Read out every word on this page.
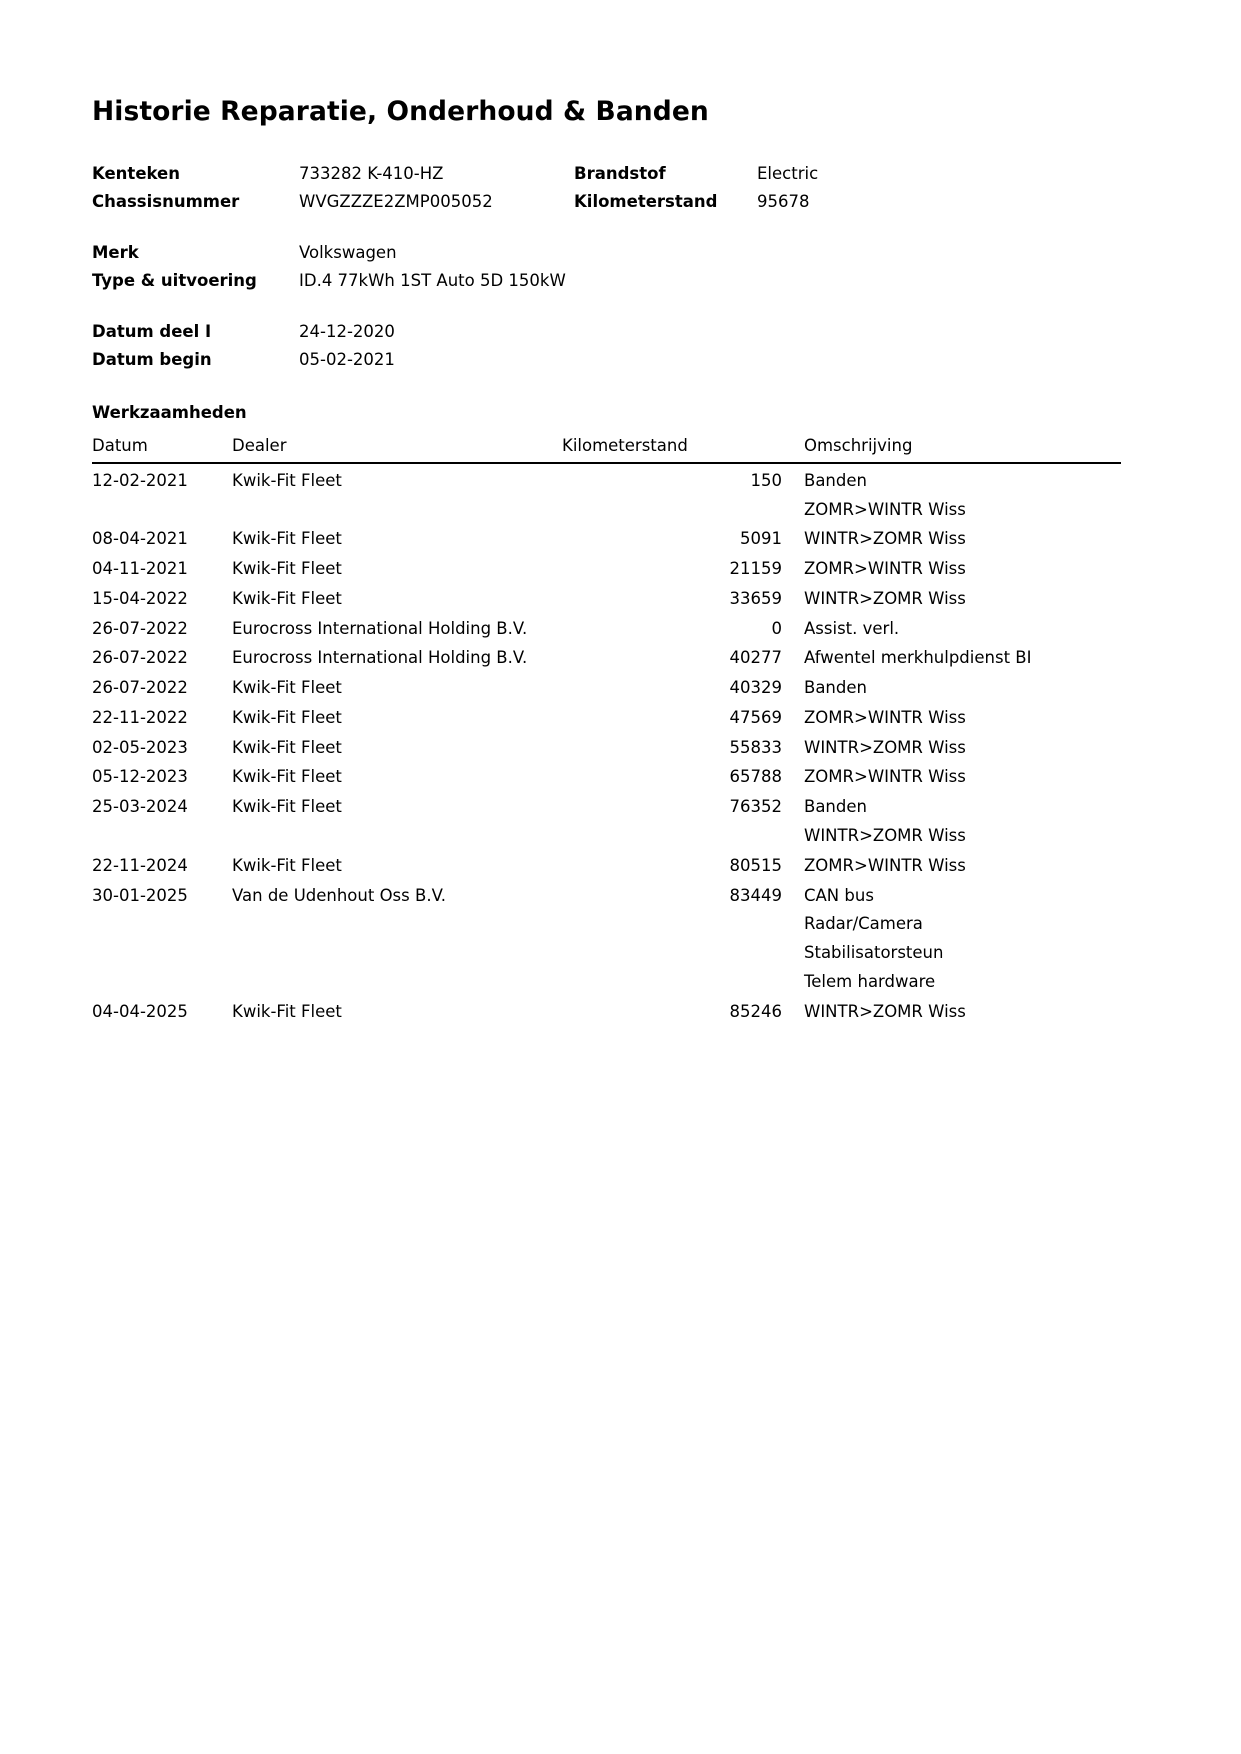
Historie Reparatie, Onderhoud & Banden
Kenteken	733282 K-410-HZ	Brandstof	Electric
Chassisnummer	WVGZZZE2ZMP005052	Kilometerstand	95678
Merk	Volkswagen
Type & uitvoering	ID.4 77kWh 1ST Auto 5D 150kW
Datum deel I	24-12-2020
Datum begin	05-02-2021
Werkzaamheden
Datum	Dealer	Kilometerstand	Omschrijving
12-02-2021	Kwik-Fit Fleet	150	Banden
ZOMR>WINTR Wiss

08-04-2021	Kwik-Fit Fleet	5091	WINTR>ZOMR Wiss

04-11-2021	Kwik-Fit Fleet	21159	ZOMR>WINTR Wiss

15-04-2022	Kwik-Fit Fleet	33659	WINTR>ZOMR Wiss

26-07-2022	Eurocross International Holding B.V.	0	Assist. verl.

26-07-2022	Eurocross International Holding B.V.	40277	Afwentel merkhulpdienst BI

26-07-2022	Kwik-Fit Fleet	40329	Banden

22-11-2022	Kwik-Fit Fleet	47569	ZOMR>WINTR Wiss

02-05-2023	Kwik-Fit Fleet	55833	WINTR>ZOMR Wiss

05-12-2023	Kwik-Fit Fleet	65788	ZOMR>WINTR Wiss

25-03-2024	Kwik-Fit Fleet	76352	Banden
WINTR>ZOMR Wiss

22-11-2024	Kwik-Fit Fleet	80515	ZOMR>WINTR Wiss

30-01-2025	Van de Udenhout Oss B.V.	83449	CAN bus
Radar/Camera
Stabilisatorsteun
Telem hardware

04-04-2025	Kwik-Fit Fleet	85246	WINTR>ZOMR Wiss
